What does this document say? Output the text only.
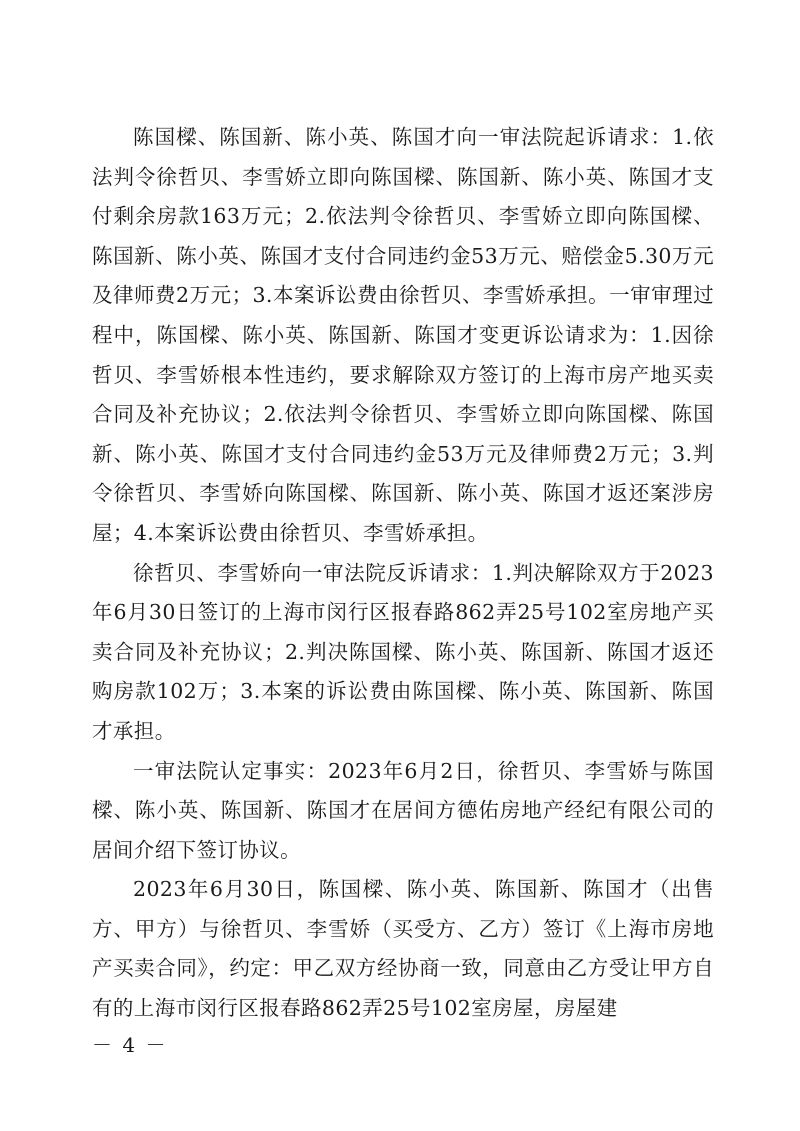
陈国樑、陈国新、陈小英、陈国才向一审法院起诉请求：1.依法判令徐哲贝、李雪娇立即向陈国樑、陈国新、陈小英、陈国才支付剩余房款163万元；2.依法判令徐哲贝、李雪娇立即向陈国樑、陈国新、陈小英、陈国才支付合同违约金53万元、赔偿金5.30万元及律师费2万元；3.本案诉讼费由徐哲贝、李雪娇承担。一审审理过程中，陈国樑、陈小英、陈国新、陈国才变更诉讼请求为：1.因徐哲贝、李雪娇根本性违约，要求解除双方签订的上海市房产地买卖合同及补充协议；2.依法判令徐哲贝、李雪娇立即向陈国樑、陈国新、陈小英、陈国才支付合同违约金53万元及律师费2万元；3.判令徐哲贝、李雪娇向陈国樑、陈国新、陈小英、陈国才返还案涉房屋；4.本案诉讼费由徐哲贝、李雪娇承担。

徐哲贝、李雪娇向一审法院反诉请求：1.判决解除双方于2023年6月30日签订的上海市闵行区报春路862弄25号102室房地产买卖合同及补充协议；2.判决陈国樑、陈小英、陈国新、陈国才返还购房款102万；3.本案的诉讼费由陈国樑、陈小英、陈国新、陈国才承担。

一审法院认定事实：2023年6月2日，徐哲贝、李雪娇与陈国樑、陈小英、陈国新、陈国才在居间方德佑房地产经纪有限公司的居间介绍下签订协议。

2023年6月30日，陈国樑、陈小英、陈国新、陈国才（出售方、甲方）与徐哲贝、李雪娇（买受方、乙方）签订《上海市房地产买卖合同》，约定：甲乙双方经协商一致，同意由乙方受让甲方自有的上海市闵行区报春路862弄25号102室房屋，房屋建

－ 4 －
